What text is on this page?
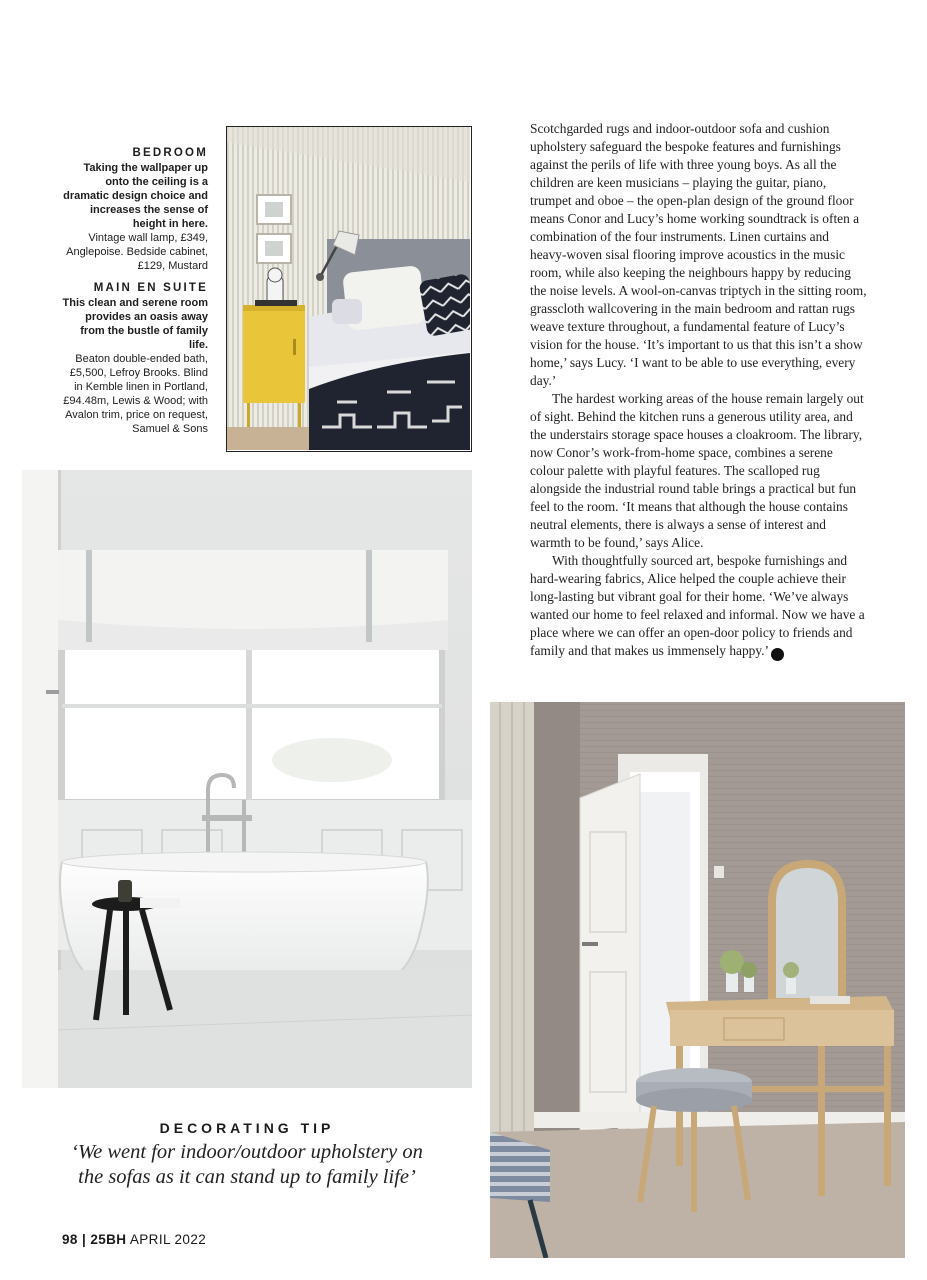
BEDROOM
Taking the wallpaper up onto the ceiling is a dramatic design choice and increases the sense of height in here.
Vintage wall lamp, £349, Anglepoise. Bedside cabinet, £129, Mustard
MAIN EN SUITE
This clean and serene room provides an oasis away from the bustle of family life.
Beaton double-ended bath, £5,500, Lefroy Brooks. Blind in Kemble linen in Portland, £94.48m, Lewis & Wood; with Avalon trim, price on request, Samuel & Sons

Scotchgarded rugs and indoor-outdoor sofa and cushion upholstery safeguard the bespoke features and furnishings against the perils of life with three young boys. As all the children are keen musicians – playing the guitar, piano, trumpet and oboe – the open-plan design of the ground floor means Conor and Lucy’s home working soundtrack is often a combination of the four instruments. Linen curtains and heavy-woven sisal flooring improve acoustics in the music room, while also keeping the neighbours happy by reducing the noise levels. A wool-on-canvas triptych in the sitting room, grasscloth wallcovering in the main bedroom and rattan rugs weave texture throughout, a fundamental feature of Lucy’s vision for the house. ‘It’s important to us that this isn’t a show home,’ says Lucy. ‘I want to be able to use everything, every day.’

The hardest working areas of the house remain largely out of sight. Behind the kitchen runs a generous utility area, and the understairs storage space houses a cloakroom. The library, now Conor’s work-from-home space, combines a serene colour palette with playful features. The scalloped rug alongside the industrial round table brings a practical but fun feel to the room. ‘It means that although the house contains neutral elements, there is always a sense of interest and warmth to be found,’ says Alice.

With thoughtfully sourced art, bespoke furnishings and hard-wearing fabrics, Alice helped the couple achieve their long-lasting but vibrant goal for their home. ‘We’ve always wanted our home to feel relaxed and informal. Now we have a place where we can offer an open-door policy to friends and family and that makes us immensely happy.’	25

DECORATING TIP
‘We went for indoor/outdoor upholstery on the sofas as it can stand up to family life’
98 | 25BH APRIL 2022
